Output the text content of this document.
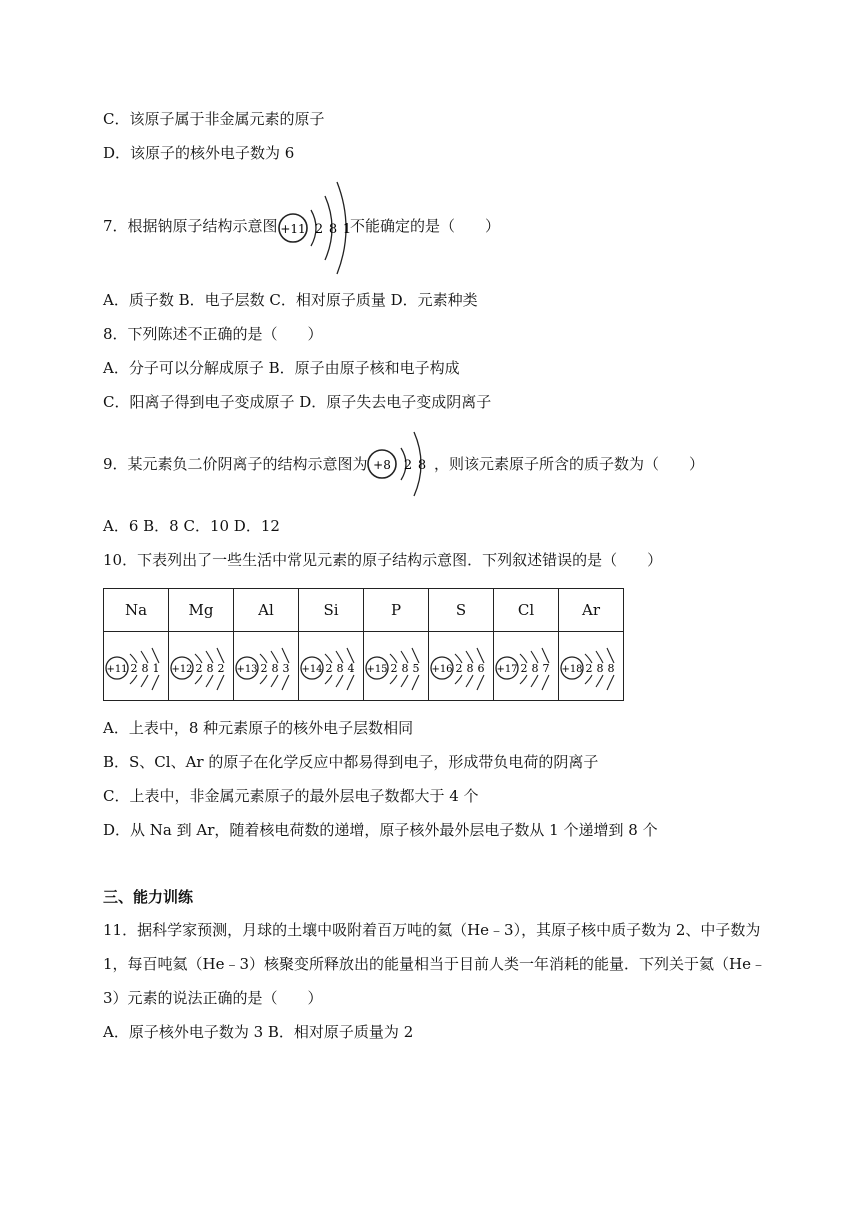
C．该原子属于非金属元素的原子
D．该原子的核外电子数为 6
7．根据钠原子结构示意图 +11 2 8 1
不能确定的是（　　）
A．质子数 B．电子层数 C．相对原子质量 D．元素种类
8．下列陈述不正确的是（　　）
A．分子可以分解成原子 B．原子由原子核和电子构成
C．阳离子得到电子变成原子 D．原子失去电子变成阴离子
9．某元素负二价阴离子的结构示意图为 +8 2 8 ，则该元素原子所含的质子数为（　　）
A．6 B．8 C．10 D．12
10．下表列出了一些生活中常见元素的原子结构示意图．下列叙述错误的是（　　）
Na	Mg	Al	Si	P	S	Cl	Ar

+11 2 8 1	+12 2 8 2	+13 2 8 3	+14 2 8 4	+15 2 8 5	+16 2 8 6	+17 2 8 7	+18 2 8 8
A．上表中，8 种元素原子的核外电子层数相同
B．S、Cl、Ar 的原子在化学反应中都易得到电子，形成带负电荷的阴离子
C．上表中，非金属元素原子的最外层电子数都大于 4 个
D．从 Na 到 Ar，随着核电荷数的递增，原子核外最外层电子数从 1 个递增到 8 个
三、能力训练
11．据科学家预测，月球的土壤中吸附着百万吨的氦（He﹣3），其原子核中质子数为 2、中子数为
1，每百吨氦（He﹣3）核聚变所释放出的能量相当于目前人类一年消耗的能量．下列关于氦（He﹣
3）元素的说法正确的是（　　）
A．原子核外电子数为 3 B．相对原子质量为 2
